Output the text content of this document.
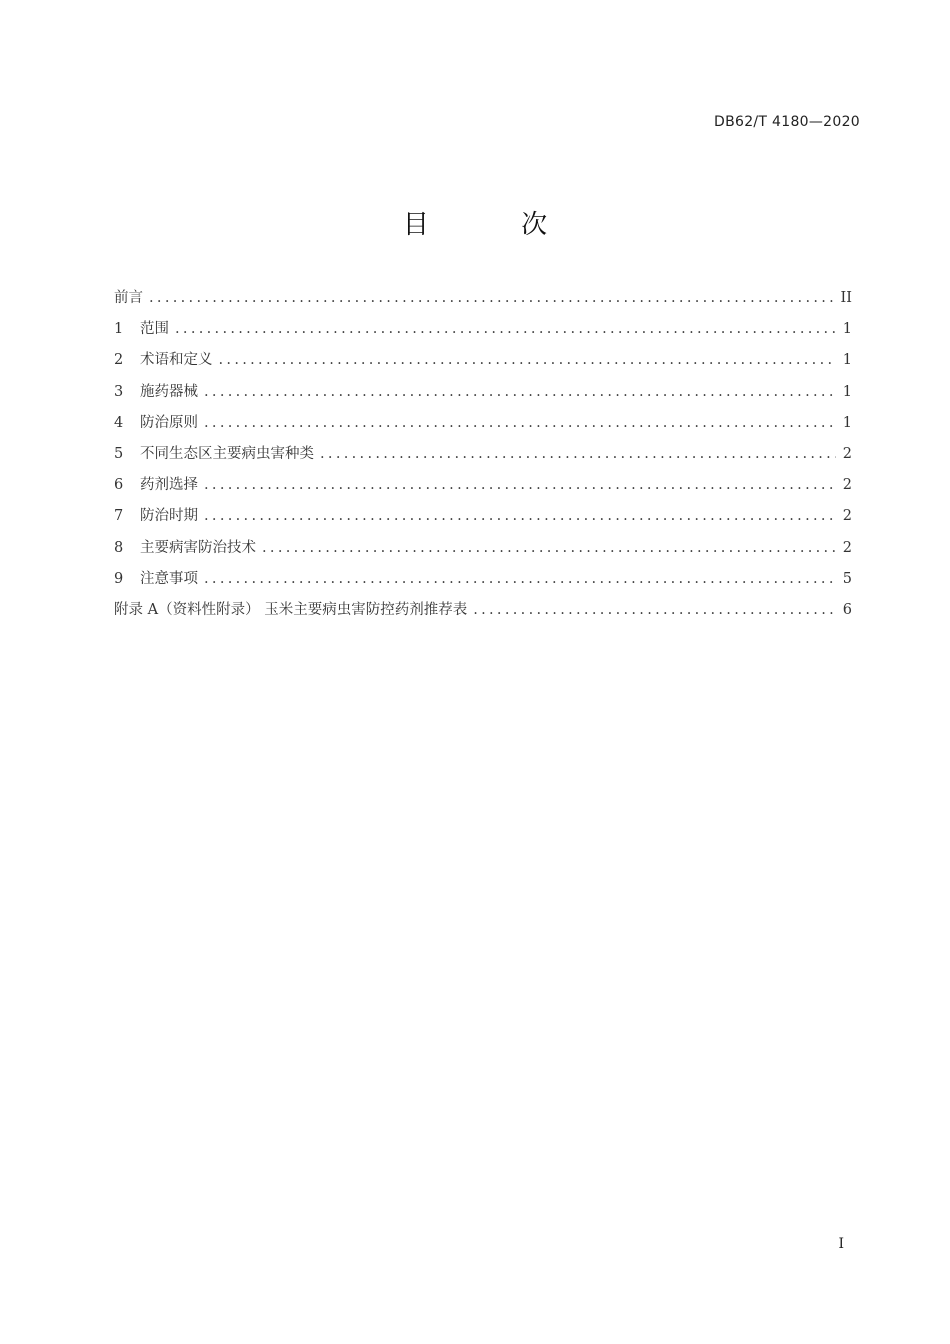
DB62/T 4180—2020
目 次
前言 .....	II
1	范围 .....	1
2	术语和定义 .....	1
3	施药器械 .....	1
4	防治原则 .....	1
5	不同生态区主要病虫害种类 .....	2
6	药剂选择 .....	2
7	防治时期 .....	2
8	主要病害防治技术 .....	2
9	注意事项 .....	5
附录 A（资料性附录） 玉米主要病虫害防控药剂推荐表 .....	6
I
